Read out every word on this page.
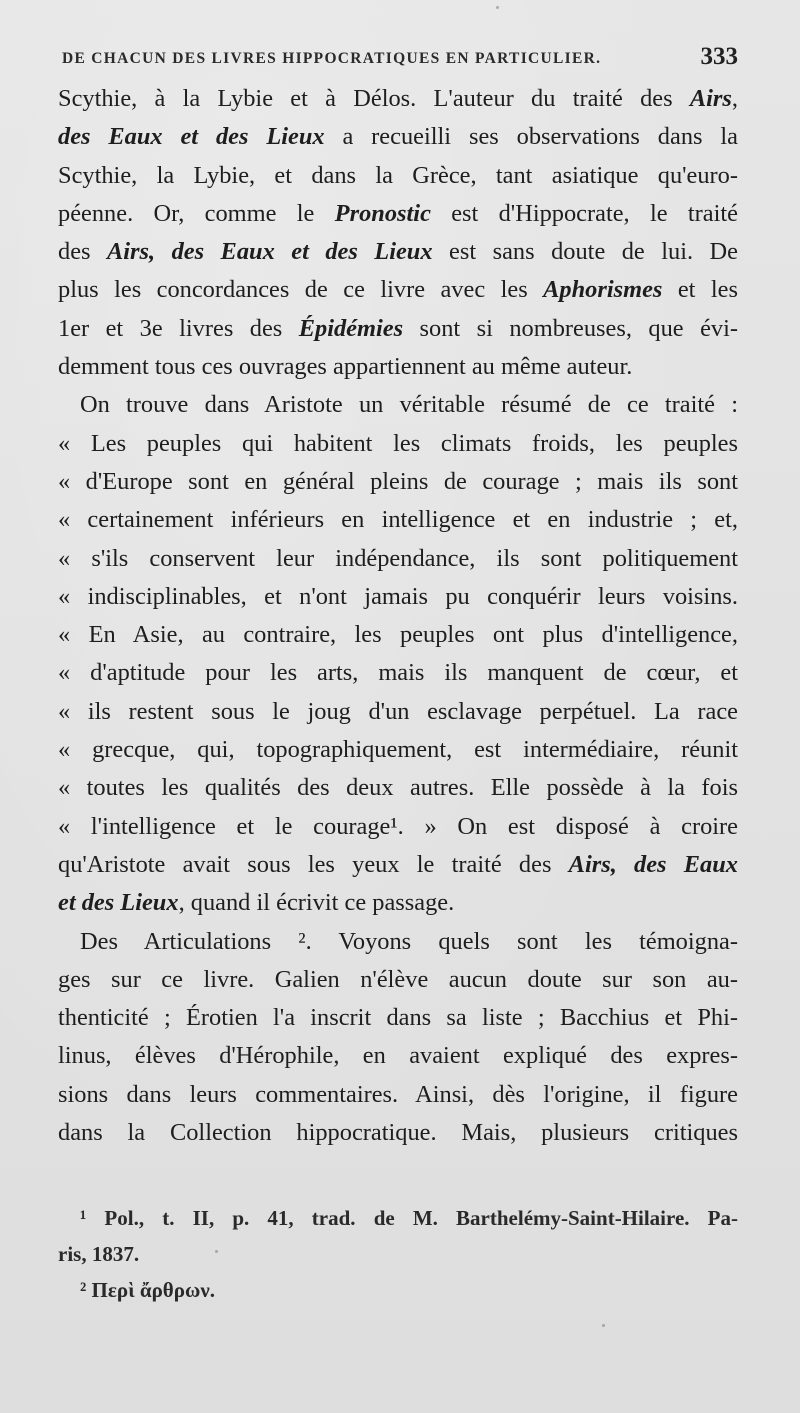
DE CHACUN DES LIVRES HIPPOCRATIQUES EN PARTICULIER.	333
Scythie, à la Lybie et à Délos. L'auteur du traité des Airs,
des Eaux et des Lieux a recueilli ses observations dans la
Scythie, la Lybie, et dans la Grèce, tant asiatique qu'euro-
péenne. Or, comme le Pronostic est d'Hippocrate, le traité
des Airs, des Eaux et des Lieux est sans doute de lui. De
plus les concordances de ce livre avec les Aphorismes et les
1er et 3e livres des Épidémies sont si nombreuses, que évi-
demment tous ces ouvrages appartiennent au même auteur.
On trouve dans Aristote un véritable résumé de ce traité :
« Les peuples qui habitent les climats froids, les peuples
« d'Europe sont en général pleins de courage ; mais ils sont
« certainement inférieurs en intelligence et en industrie ; et,
« s'ils conservent leur indépendance, ils sont politiquement
« indisciplinables, et n'ont jamais pu conquérir leurs voisins.
« En Asie, au contraire, les peuples ont plus d'intelligence,
« d'aptitude pour les arts, mais ils manquent de cœur, et
« ils restent sous le joug d'un esclavage perpétuel. La race
« grecque, qui, topographiquement, est intermédiaire, réunit
« toutes les qualités des deux autres. Elle possède à la fois
« l'intelligence et le courage¹. » On est disposé à croire
qu'Aristote avait sous les yeux le traité des Airs, des Eaux
et des Lieux, quand il écrivit ce passage.
Des Articulations ². Voyons quels sont les témoigna-
ges sur ce livre. Galien n'élève aucun doute sur son au-
thenticité ; Érotien l'a inscrit dans sa liste ; Bacchius et Phi-
linus, élèves d'Hérophile, en avaient expliqué des expres-
sions dans leurs commentaires. Ainsi, dès l'origine, il figure
dans la Collection hippocratique. Mais, plusieurs critiques
¹ Pol., t. II, p. 41, trad. de M. Barthelémy-Saint-Hilaire. Pa-
ris, 1837.
² Περὶ ἄρθρων.
